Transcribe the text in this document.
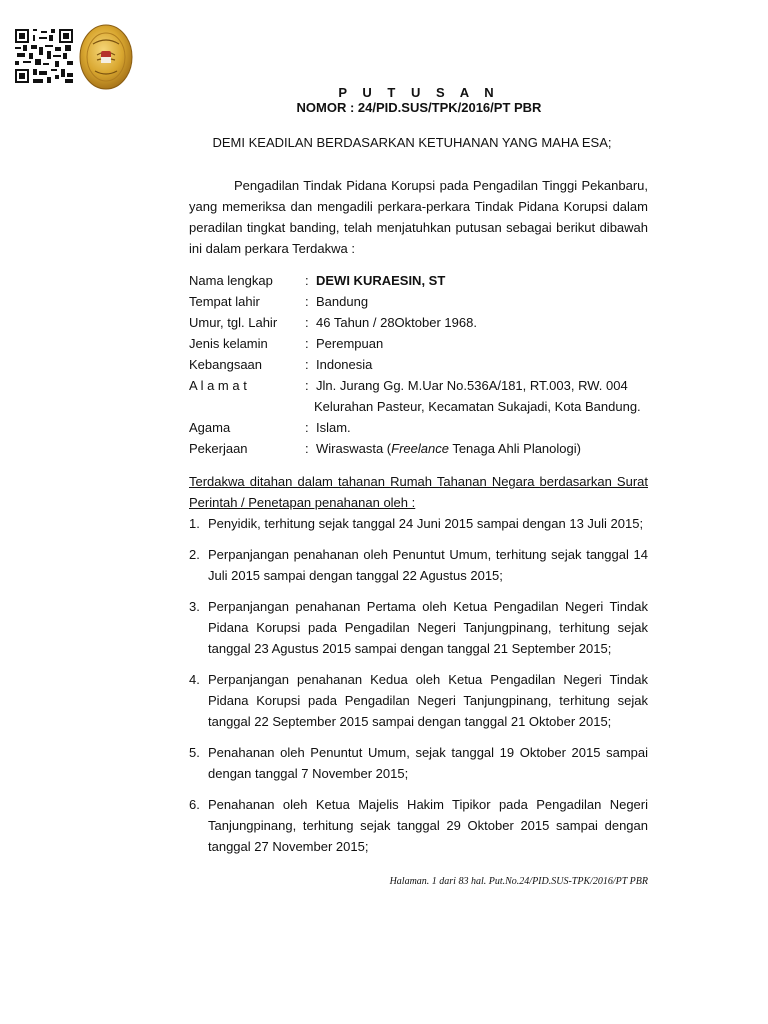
P U T U S A N
NOMOR : 24/PID.SUS/TPK/2016/PT PBR
DEMI KEADILAN BERDASARKAN KETUHANAN YANG MAHA ESA;

Pengadilan Tindak Pidana Korupsi pada Pengadilan Tinggi Pekanbaru, yang memeriksa dan mengadili perkara-perkara Tindak Pidana Korupsi dalam peradilan tingkat banding, telah menjatuhkan putusan sebagai berikut dibawah ini dalam perkara Terdakwa :

Nama lengkap	: DEWI KURAESIN, ST
Tempat lahir	: Bandung
Umur, tgl. Lahir	: 46 Tahun / 28Oktober 1968.
Jenis kelamin	: Perempuan
Kebangsaan	: Indonesia
A l a m a t	: Jln. Jurang Gg. M.Uar No.536A/181, RT.003, RW. 004
Kelurahan Pasteur, Kecamatan Sukajadi, Kota Bandung.
Agama	: Islam.
Pekerjaan	: Wiraswasta (Freelance Tenaga Ahli Planologi)

Terdakwa ditahan dalam tahanan Rumah Tahanan Negara berdasarkan Surat Perintah / Penetapan penahanan oleh :

1. Penyidik, terhitung sejak tanggal 24 Juni 2015 sampai dengan 13 Juli 2015;
2. Perpanjangan penahanan oleh Penuntut Umum, terhitung sejak tanggal 14 Juli 2015 sampai dengan tanggal 22 Agustus 2015;
3. Perpanjangan penahanan Pertama oleh Ketua Pengadilan Negeri Tindak Pidana Korupsi pada Pengadilan Negeri Tanjungpinang, terhitung sejak tanggal 23 Agustus 2015 sampai dengan tanggal 21 September 2015;
4. Perpanjangan penahanan Kedua oleh Ketua Pengadilan Negeri Tindak Pidana Korupsi pada Pengadilan Negeri Tanjungpinang, terhitung sejak tanggal 22 September 2015 sampai dengan tanggal 21 Oktober 2015;
5. Penahanan oleh Penuntut Umum, sejak tanggal 19 Oktober 2015 sampai dengan tanggal 7 November 2015;
6. Penahanan oleh Ketua Majelis Hakim Tipikor pada Pengadilan Negeri Tanjungpinang, terhitung sejak tanggal 29 Oktober 2015 sampai dengan tanggal 27 November 2015;
Halaman. 1 dari 83 hal. Put.No.24/PID.SUS-TPK/2016/PT PBR
